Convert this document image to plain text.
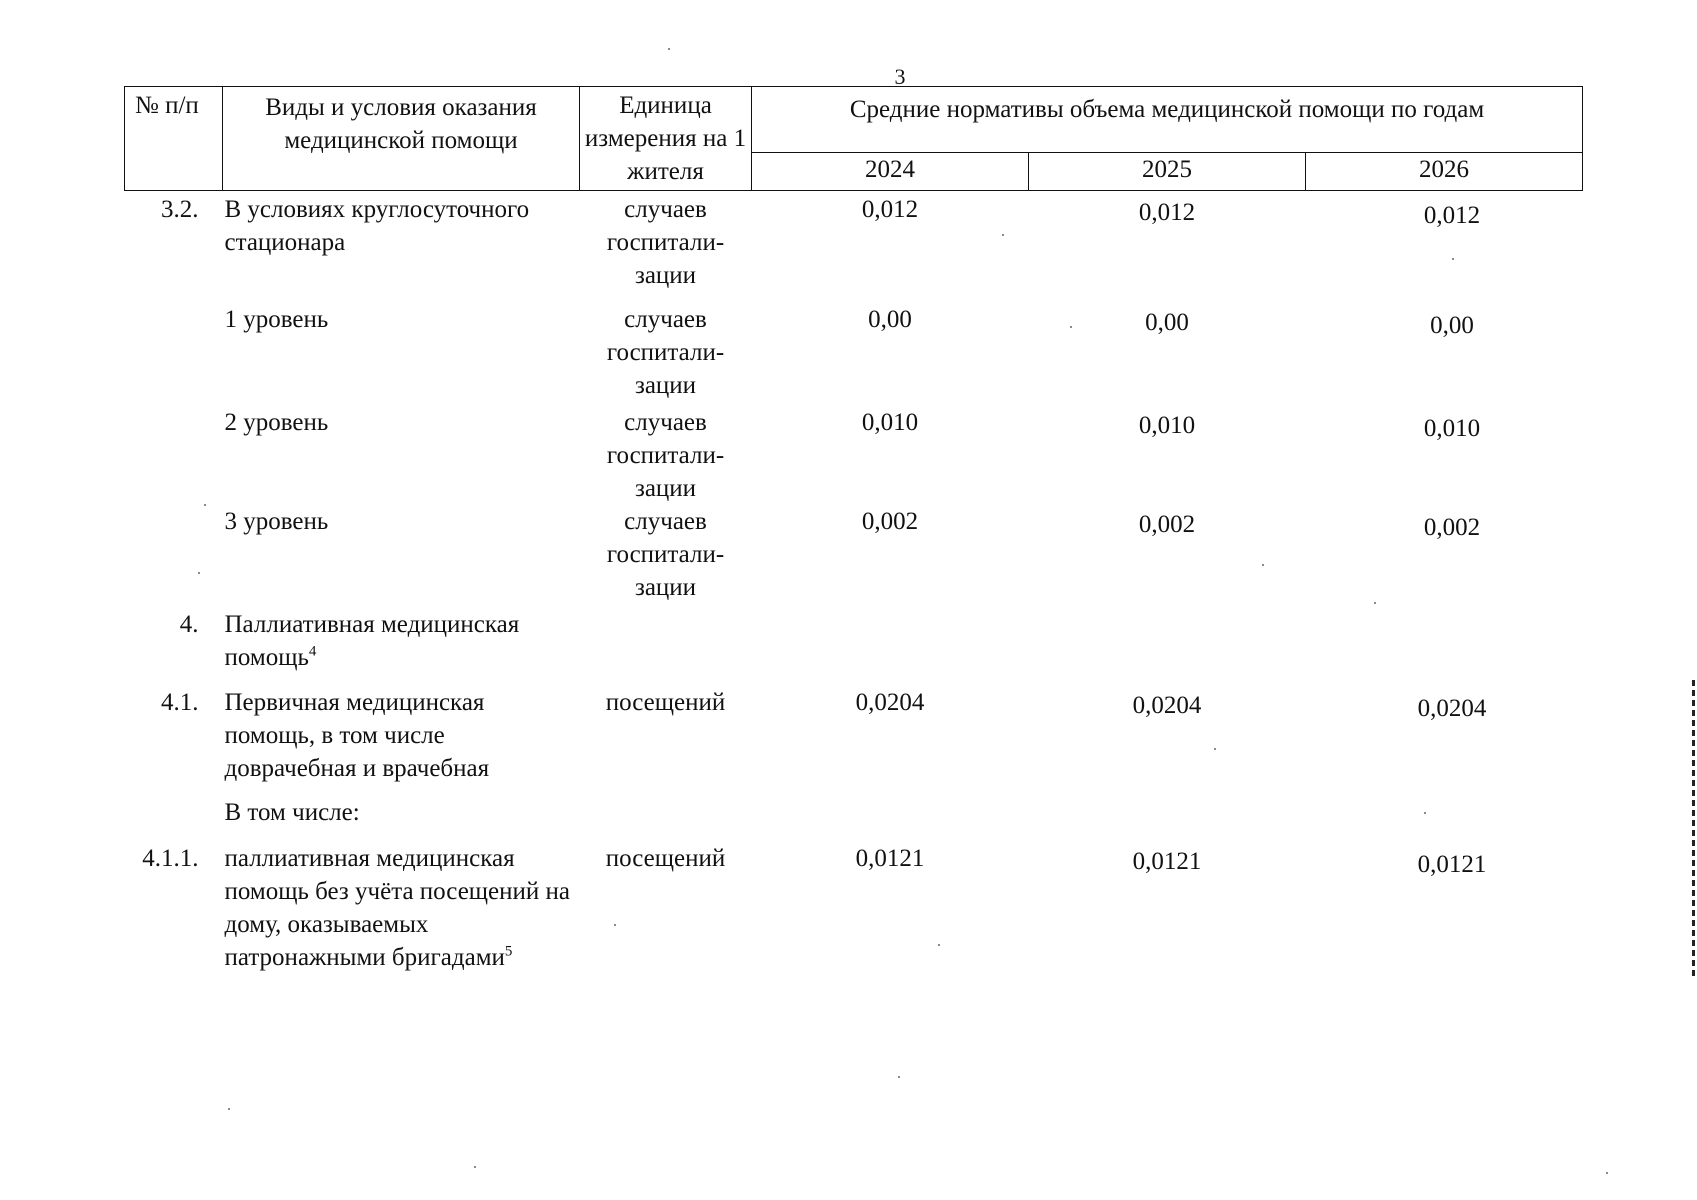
3
№ п/п	Виды и условия оказания медицинской помощи	Единица измерения на 1 жителя	Средние нормативы объема медицинской помощи по годам		
			2024	2025	2026
3.2.	В условиях круглосуточного стационара	случаев госпитали-зации	0,012	0,012	0,012
	1 уровень	случаев госпитали-зации	0,00	0,00	0,00
	2 уровень	случаев госпитали-зации	0,010	0,010	0,010
	3 уровень	случаев госпитали-зации	0,002	0,002	0,002
4.	Паллиативная медицинская помощь$^4$				
4.1.	Первичная медицинская помощь, в том числе доврачебная и врачебная	посещений	0,0204	0,0204	0,0204
	В том числе:				
4.1.1.	паллиативная медицинская помощь без учёта посещений на дому, оказываемых патронажными бригадами$^5$	посещений	0,0121	0,0121	0,0121
